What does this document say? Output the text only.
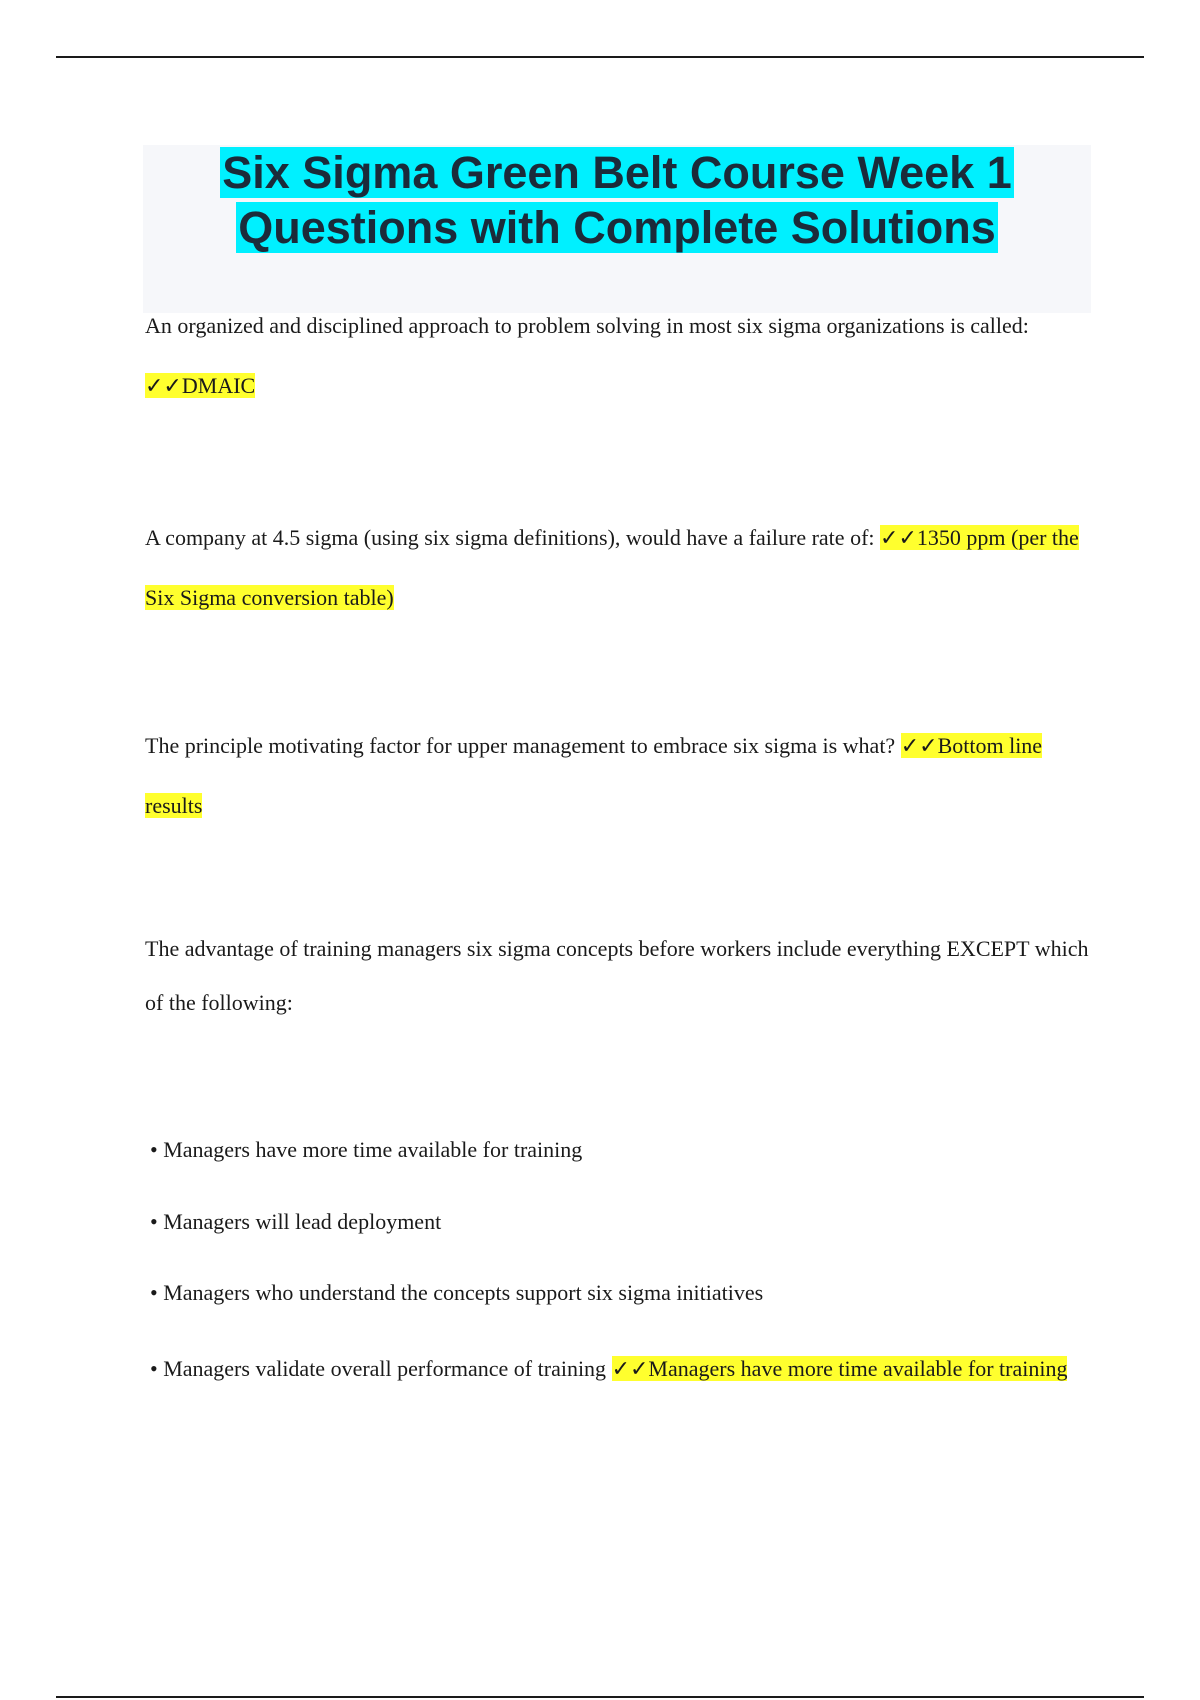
Six Sigma Green Belt Course Week 1
Questions with Complete Solutions

An organized and disciplined approach to problem solving in most six sigma organizations is called: ✓✓DMAIC

A company at 4.5 sigma (using six sigma definitions), would have a failure rate of: ✓✓1350 ppm (per the Six Sigma conversion table)

The principle motivating factor for upper management to embrace six sigma is what? ✓✓Bottom line results

The advantage of training managers six sigma concepts before workers include everything EXCEPT which of the following:

• Managers have more time available for training

• Managers will lead deployment

• Managers who understand the concepts support six sigma initiatives

• Managers validate overall performance of training ✓✓Managers have more time available for training
